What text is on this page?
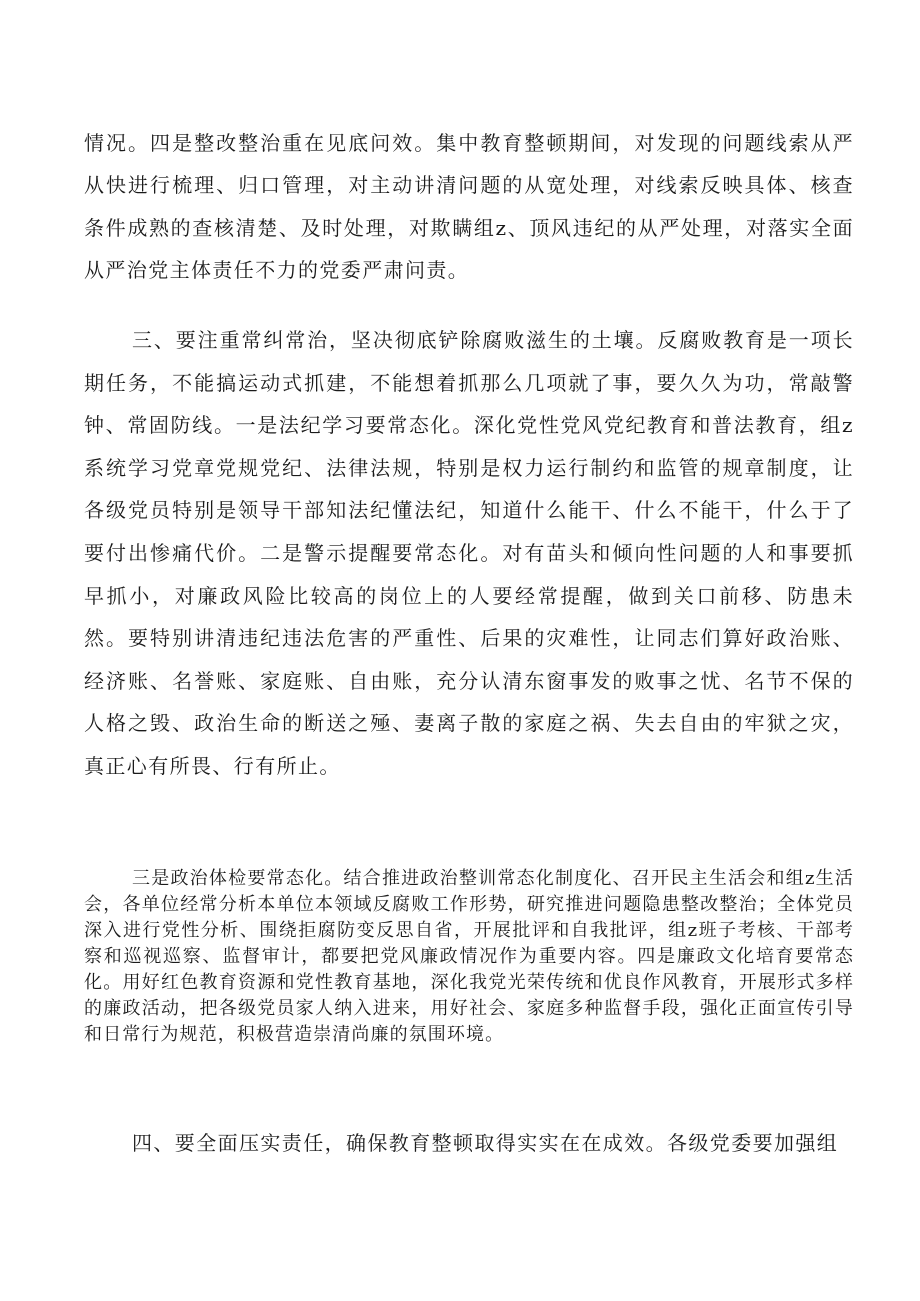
情况。四是整改整治重在见底问效。集中教育整顿期间，对发现的问题线索从严从快进行梳理、归口管理，对主动讲清问题的从宽处理，对线索反映具体、核查条件成熟的查核清楚、及时处理，对欺瞒组z、顶风违纪的从严处理，对落实全面从严治党主体责任不力的党委严肃问责。

三、要注重常纠常治，坚决彻底铲除腐败滋生的土壤。反腐败教育是一项长期任务，不能搞运动式抓建，不能想着抓那么几项就了事，要久久为功，常敲警钟、常固防线。一是法纪学习要常态化。深化党性党风党纪教育和普法教育，组z系统学习党章党规党纪、法律法规，特别是权力运行制约和监管的规章制度，让各级党员特别是领导干部知法纪懂法纪，知道什么能干、什么不能干，什么于了要付出惨痛代价。二是警示提醒要常态化。对有苗头和倾向性问题的人和事要抓早抓小，对廉政风险比较高的岗位上的人要经常提醒，做到关口前移、防患未然。要特别讲清违纪违法危害的严重性、后果的灾难性，让同志们算好政治账、经济账、名誉账、家庭账、自由账，充分认清东窗事发的败事之忧、名节不保的人格之毁、政治生命的断送之殛、妻离子散的家庭之祸、失去自由的牢狱之灾，真正心有所畏、行有所止。

三是政治体检要常态化。结合推进政治整训常态化制度化、召开民主生活会和组z生活会，各单位经常分析本单位本领域反腐败工作形势，研究推进问题隐患整改整治；全体党员深入进行党性分析、围绕拒腐防变反思自省，开展批评和自我批评，组z班子考核、干部考察和巡视巡察、监督审计，都要把党风廉政情况作为重要内容。四是廉政文化培育要常态化。用好红色教育资源和党性教育基地，深化我党光荣传统和优良作风教育，开展形式多样的廉政活动，把各级党员家人纳入进来，用好社会、家庭多种监督手段，强化正面宣传引导和日常行为规范，积极营造崇清尚廉的氛围环境。

四、要全面压实责任，确保教育整顿取得实实在在成效。各级党委要加强组
